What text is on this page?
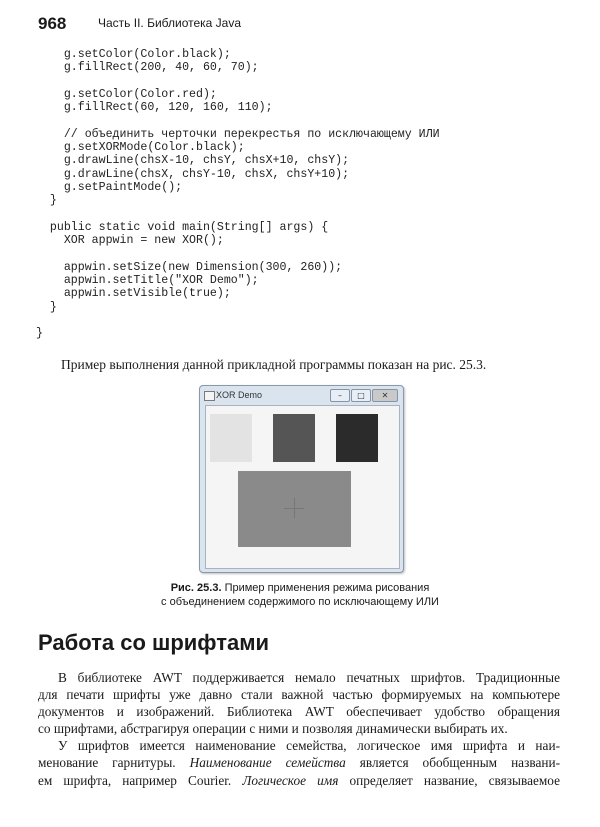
968	Часть II. Библиотека Java
g.setColor(Color.black);
g.fillRect(200, 40, 60, 70);
g.setColor(Color.red);
g.fillRect(60, 120, 160, 110);
// объединить черточки перекрестья по исключающему ИЛИ
g.setXORMode(Color.black);
g.drawLine(chsX-10, chsY, chsX+10, chsY);
g.drawLine(chsX, chsY-10, chsX, chsY+10);
g.setPaintMode();
}
public static void main(String[] args) {
XOR appwin = new XOR();
appwin.setSize(new Dimension(300, 260));
appwin.setTitle("XOR Demo");
appwin.setVisible(true);
}
}
Пример выполнения данной прикладной программы показан на рис. 25.3.
XOR Demo	–	□	✕
Рис. 25.3. Пример применения режима рисования
с объединением содержимого по исключающему ИЛИ
Работа со шрифтами
В библиотеке AWT поддерживается немало печатных шрифтов. Традиционные
для печати шрифты уже давно стали важной частью формируемых на компьютере
документов и изображений. Библиотека AWT обеспечивает удобство обращения
со шрифтами, абстрагируя операции с ними и позволяя динамически выбирать их.
У шрифтов имеется наименование семейства, логическое имя шрифта и наи-
менование гарнитуры. Наименование семейства является обобщенным названи-
ем шрифта, например Courier. Логическое имя определяет название, связываемое
